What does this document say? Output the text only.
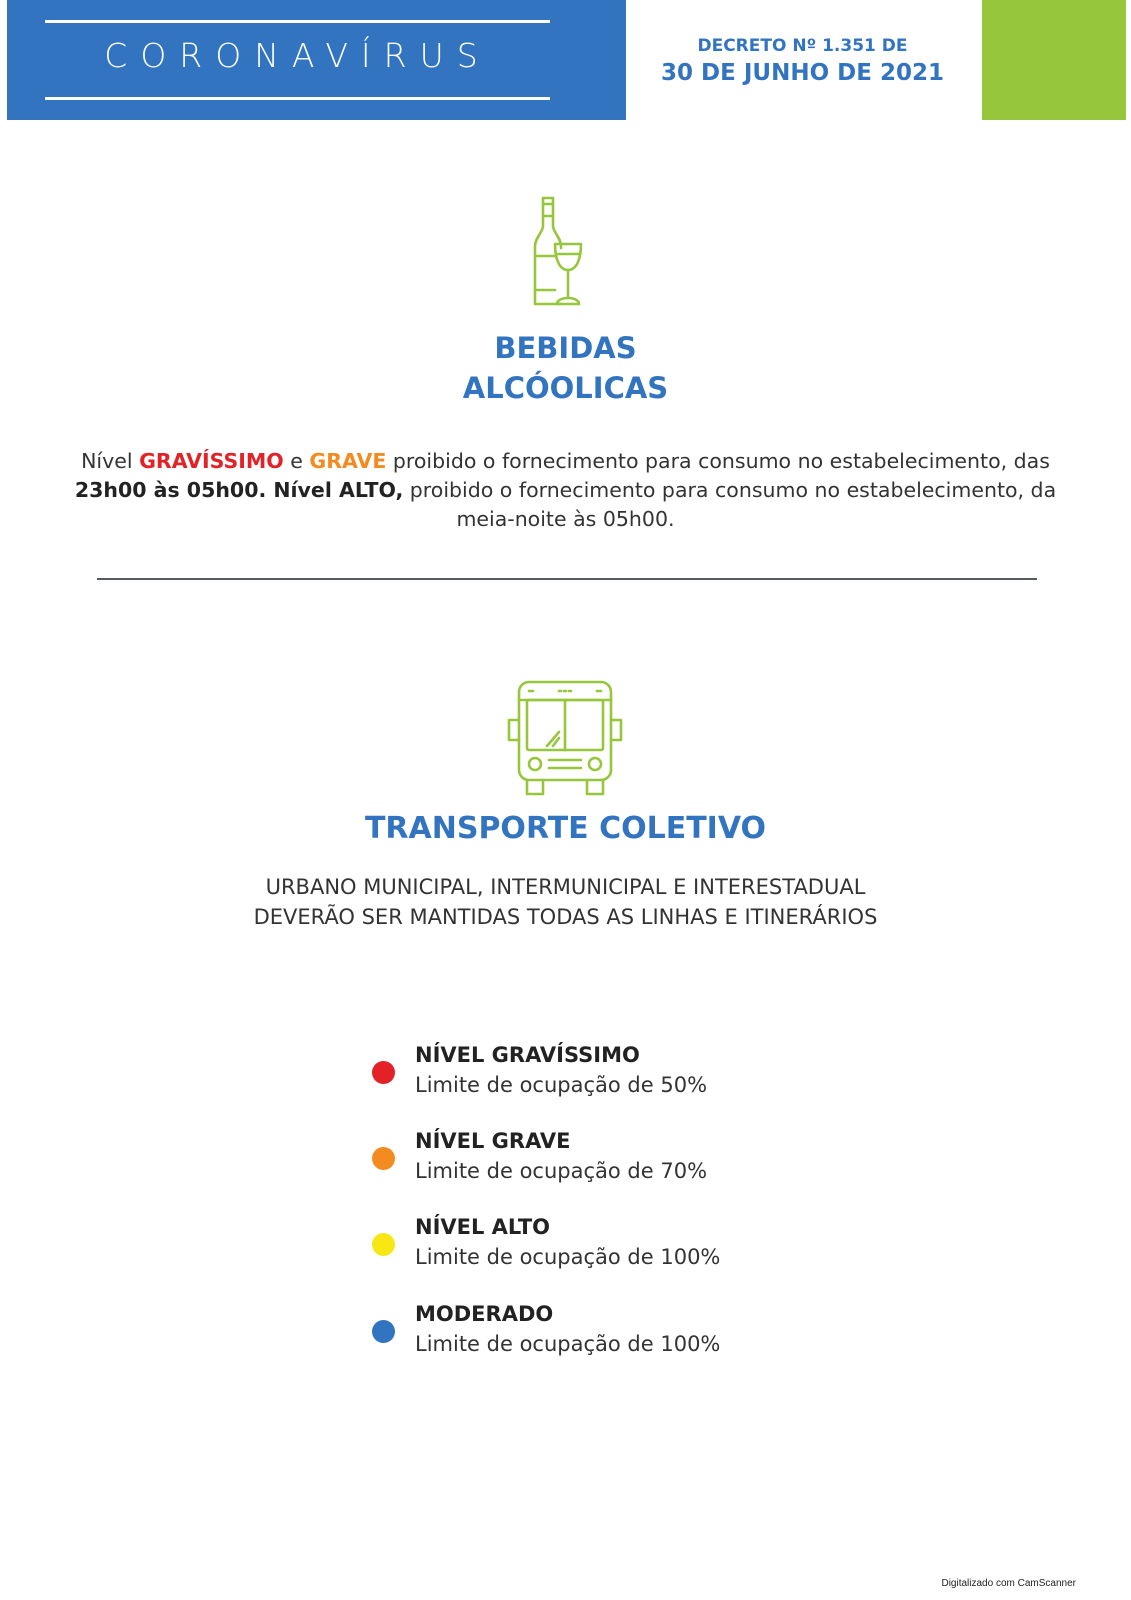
CORONAVÍRUS	DECRETO Nº 1.351 DE
30 DE JUNHO DE 2021
BEBIDAS
ALCÓOLICAS
Nível GRAVÍSSIMO e GRAVE proibido o fornecimento para consumo no estabelecimento, das 23h00 às 05h00. Nível ALTO, proibido o fornecimento para consumo no estabelecimento, da meia-noite às 05h00.
TRANSPORTE COLETIVO
URBANO MUNICIPAL, INTERMUNICIPAL E INTERESTADUAL
DEVERÃO SER MANTIDAS TODAS AS LINHAS E ITINERÁRIOS
NÍVEL GRAVÍSSIMO
Limite de ocupação de 50%
NÍVEL GRAVE
Limite de ocupação de 70%
NÍVEL ALTO
Limite de ocupação de 100%
MODERADO
Limite de ocupação de 100%
Digitalizado com CamScanner
